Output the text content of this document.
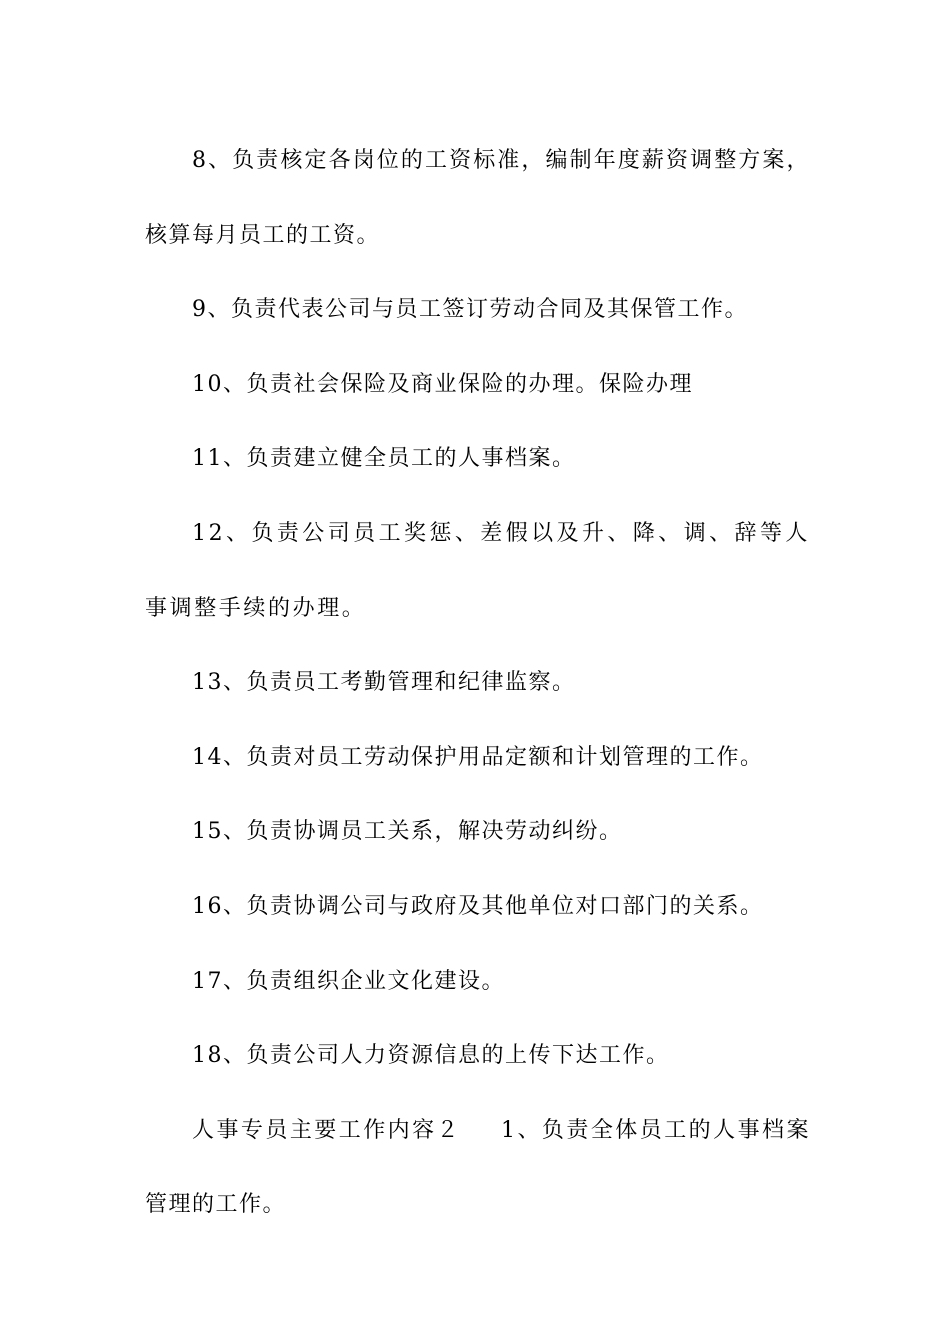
8、负责核定各岗位的工资标准，编制年度薪资调整方案，核算每月员工的工资。

9、负责代表公司与员工签订劳动合同及其保管工作。

10、负责社会保险及商业保险的办理。保险办理

11、负责建立健全员工的人事档案。

12、负责公司员工奖惩、差假以及升、降、调、辞等人事调整手续的办理。

13、负责员工考勤管理和纪律监察。

14、负责对员工劳动保护用品定额和计划管理的工作。

15、负责协调员工关系，解决劳动纠纷。

16、负责协调公司与政府及其他单位对口部门的关系。

17、负责组织企业文化建设。

18、负责公司人力资源信息的上传下达工作。

人事专员主要工作内容２ 1、负责全体员工的人事档案管理的工作。
